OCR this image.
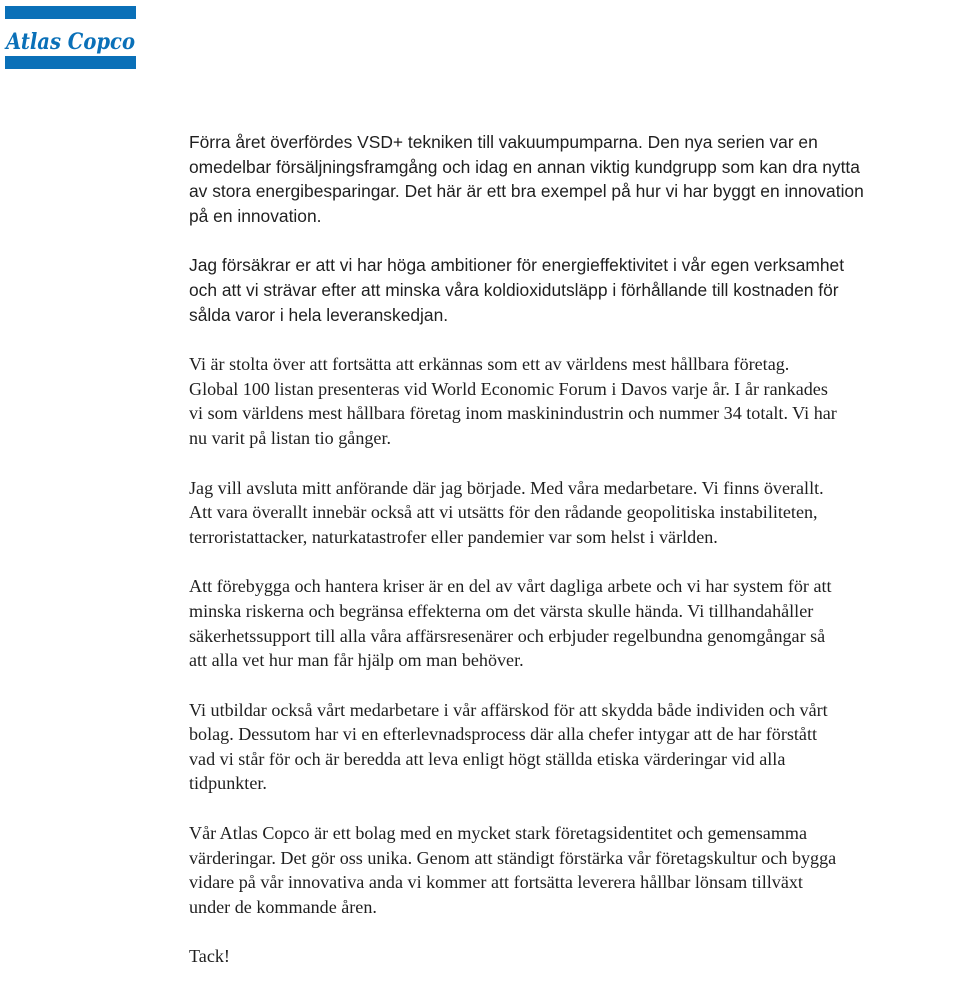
Atlas Copco

Förra året överfördes VSD+ tekniken till vakuumpumparna. Den nya serien var en
omedelbar försäljningsframgång och idag en annan viktig kundgrupp som kan dra nytta
av stora energibesparingar. Det här är ett bra exempel på hur vi har byggt en innovation
på en innovation.

Jag försäkrar er att vi har höga ambitioner för energieffektivitet i vår egen verksamhet
och att vi strävar efter att minska våra koldioxidutsläpp i förhållande till kostnaden för
sålda varor i hela leveranskedjan.

Vi är stolta över att fortsätta att erkännas som ett av världens mest hållbara företag.
Global 100 listan presenteras vid World Economic Forum i Davos varje år. I år rankades
vi som världens mest hållbara företag inom maskinindustrin och nummer 34 totalt. Vi har
nu varit på listan tio gånger.

Jag vill avsluta mitt anförande där jag började. Med våra medarbetare. Vi finns överallt.
Att vara överallt innebär också att vi utsätts för den rådande geopolitiska instabiliteten,
terroristattacker, naturkatastrofer eller pandemier var som helst i världen.

Att förebygga och hantera kriser är en del av vårt dagliga arbete och vi har system för att
minska riskerna och begränsa effekterna om det värsta skulle hända. Vi tillhandahåller
säkerhetssupport till alla våra affärsresenärer och erbjuder regelbundna genomgångar så
att alla vet hur man får hjälp om man behöver.

Vi utbildar också vårt medarbetare i vår affärskod för att skydda både individen och vårt
bolag. Dessutom har vi en efterlevnadsprocess där alla chefer intygar att de har förstått
vad vi står för och är beredda att leva enligt högt ställda etiska värderingar vid alla
tidpunkter.

Vår Atlas Copco är ett bolag med en mycket stark företagsidentitet och gemensamma
värderingar. Det gör oss unika. Genom att ständigt förstärka vår företagskultur och bygga
vidare på vår innovativa anda vi kommer att fortsätta leverera hållbar lönsam tillväxt
under de kommande åren.

Tack!
